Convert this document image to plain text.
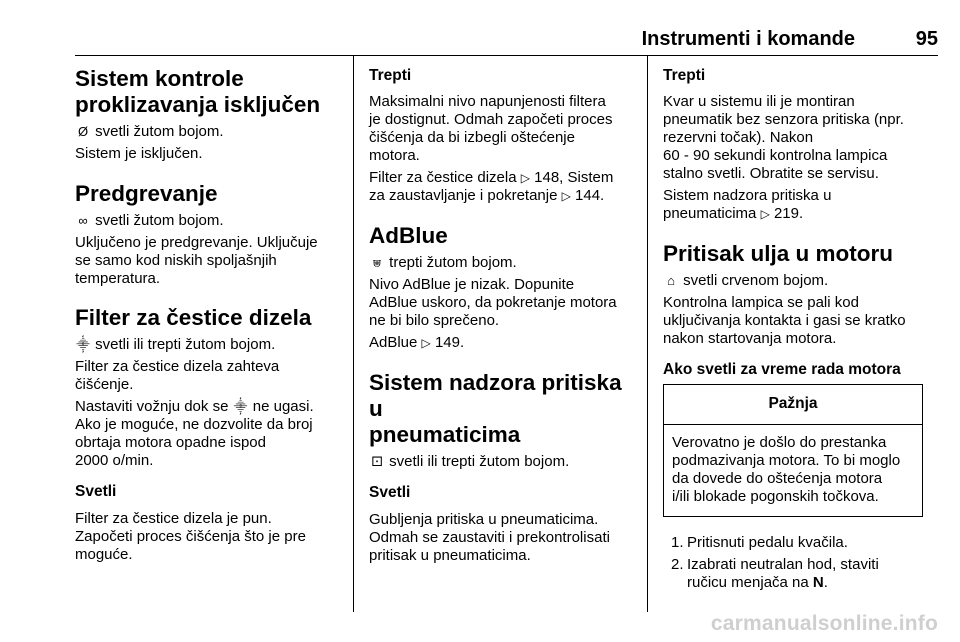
Instrumenti i komande	95

Sistem kontrole
proklizavanja isključen

Ø svetli žutom bojom.

Sistem je isključen.

Predgrevanje

∞ svetli žutom bojom.

Uključeno je predgrevanje. Uključuje
se samo kod niskih spoljašnjih
temperatura.

Filter za čestice dizela

⸎ svetli ili trepti žutom bojom.

Filter za čestice dizela zahteva
čišćenje.

Nastaviti vožnju dok se ⸎ ne ugasi.
Ako je moguće, ne dozvolite da broj
obrtaja motora opadne ispod
2000 o/min.

Svetli

Filter za čestice dizela je pun.
Započeti proces čišćenja što je pre
moguće.

Trepti

Maksimalni nivo napunjenosti filtera
je dostignut. Odmah započeti proces
čišćenja da bi izbegli oštećenje
motora.

Filter za čestice dizela ▷ 148, Sistem
za zaustavljanje i pokretanje ▷ 144.

AdBlue

⩐ trepti žutom bojom.

Nivo AdBlue je nizak. Dopunite
AdBlue uskoro, da pokretanje motora
ne bi bilo sprečeno.

AdBlue ▷ 149.

Sistem nadzora pritiska u
pneumaticima

⚀ svetli ili trepti žutom bojom.

Svetli

Gubljenja pritiska u pneumaticima.
Odmah se zaustaviti i prekontrolisati
pritisak u pneumaticima.

Trepti

Kvar u sistemu ili je montiran
pneumatik bez senzora pritiska (npr.
rezervni točak). Nakon
60 - 90 sekundi kontrolna lampica
stalno svetli. Obratite se servisu.

Sistem nadzora pritiska u
pneumaticima ▷ 219.

Pritisak ulja u motoru

⌂ svetli crvenom bojom.

Kontrolna lampica se pali kod
uključivanja kontakta i gasi se kratko
nakon startovanja motora.

Ako svetli za vreme rada motora

Pažnja
Verovatno je došlo do prestanka
podmazivanja motora. To bi moglo
da dovede do oštećenja motora
i/ili blokade pogonskih točkova.

1. Pritisnuti pedalu kvačila.

2. Izabrati neutralan hod, staviti
ručicu menjača na N.

carmanualsonline.info
